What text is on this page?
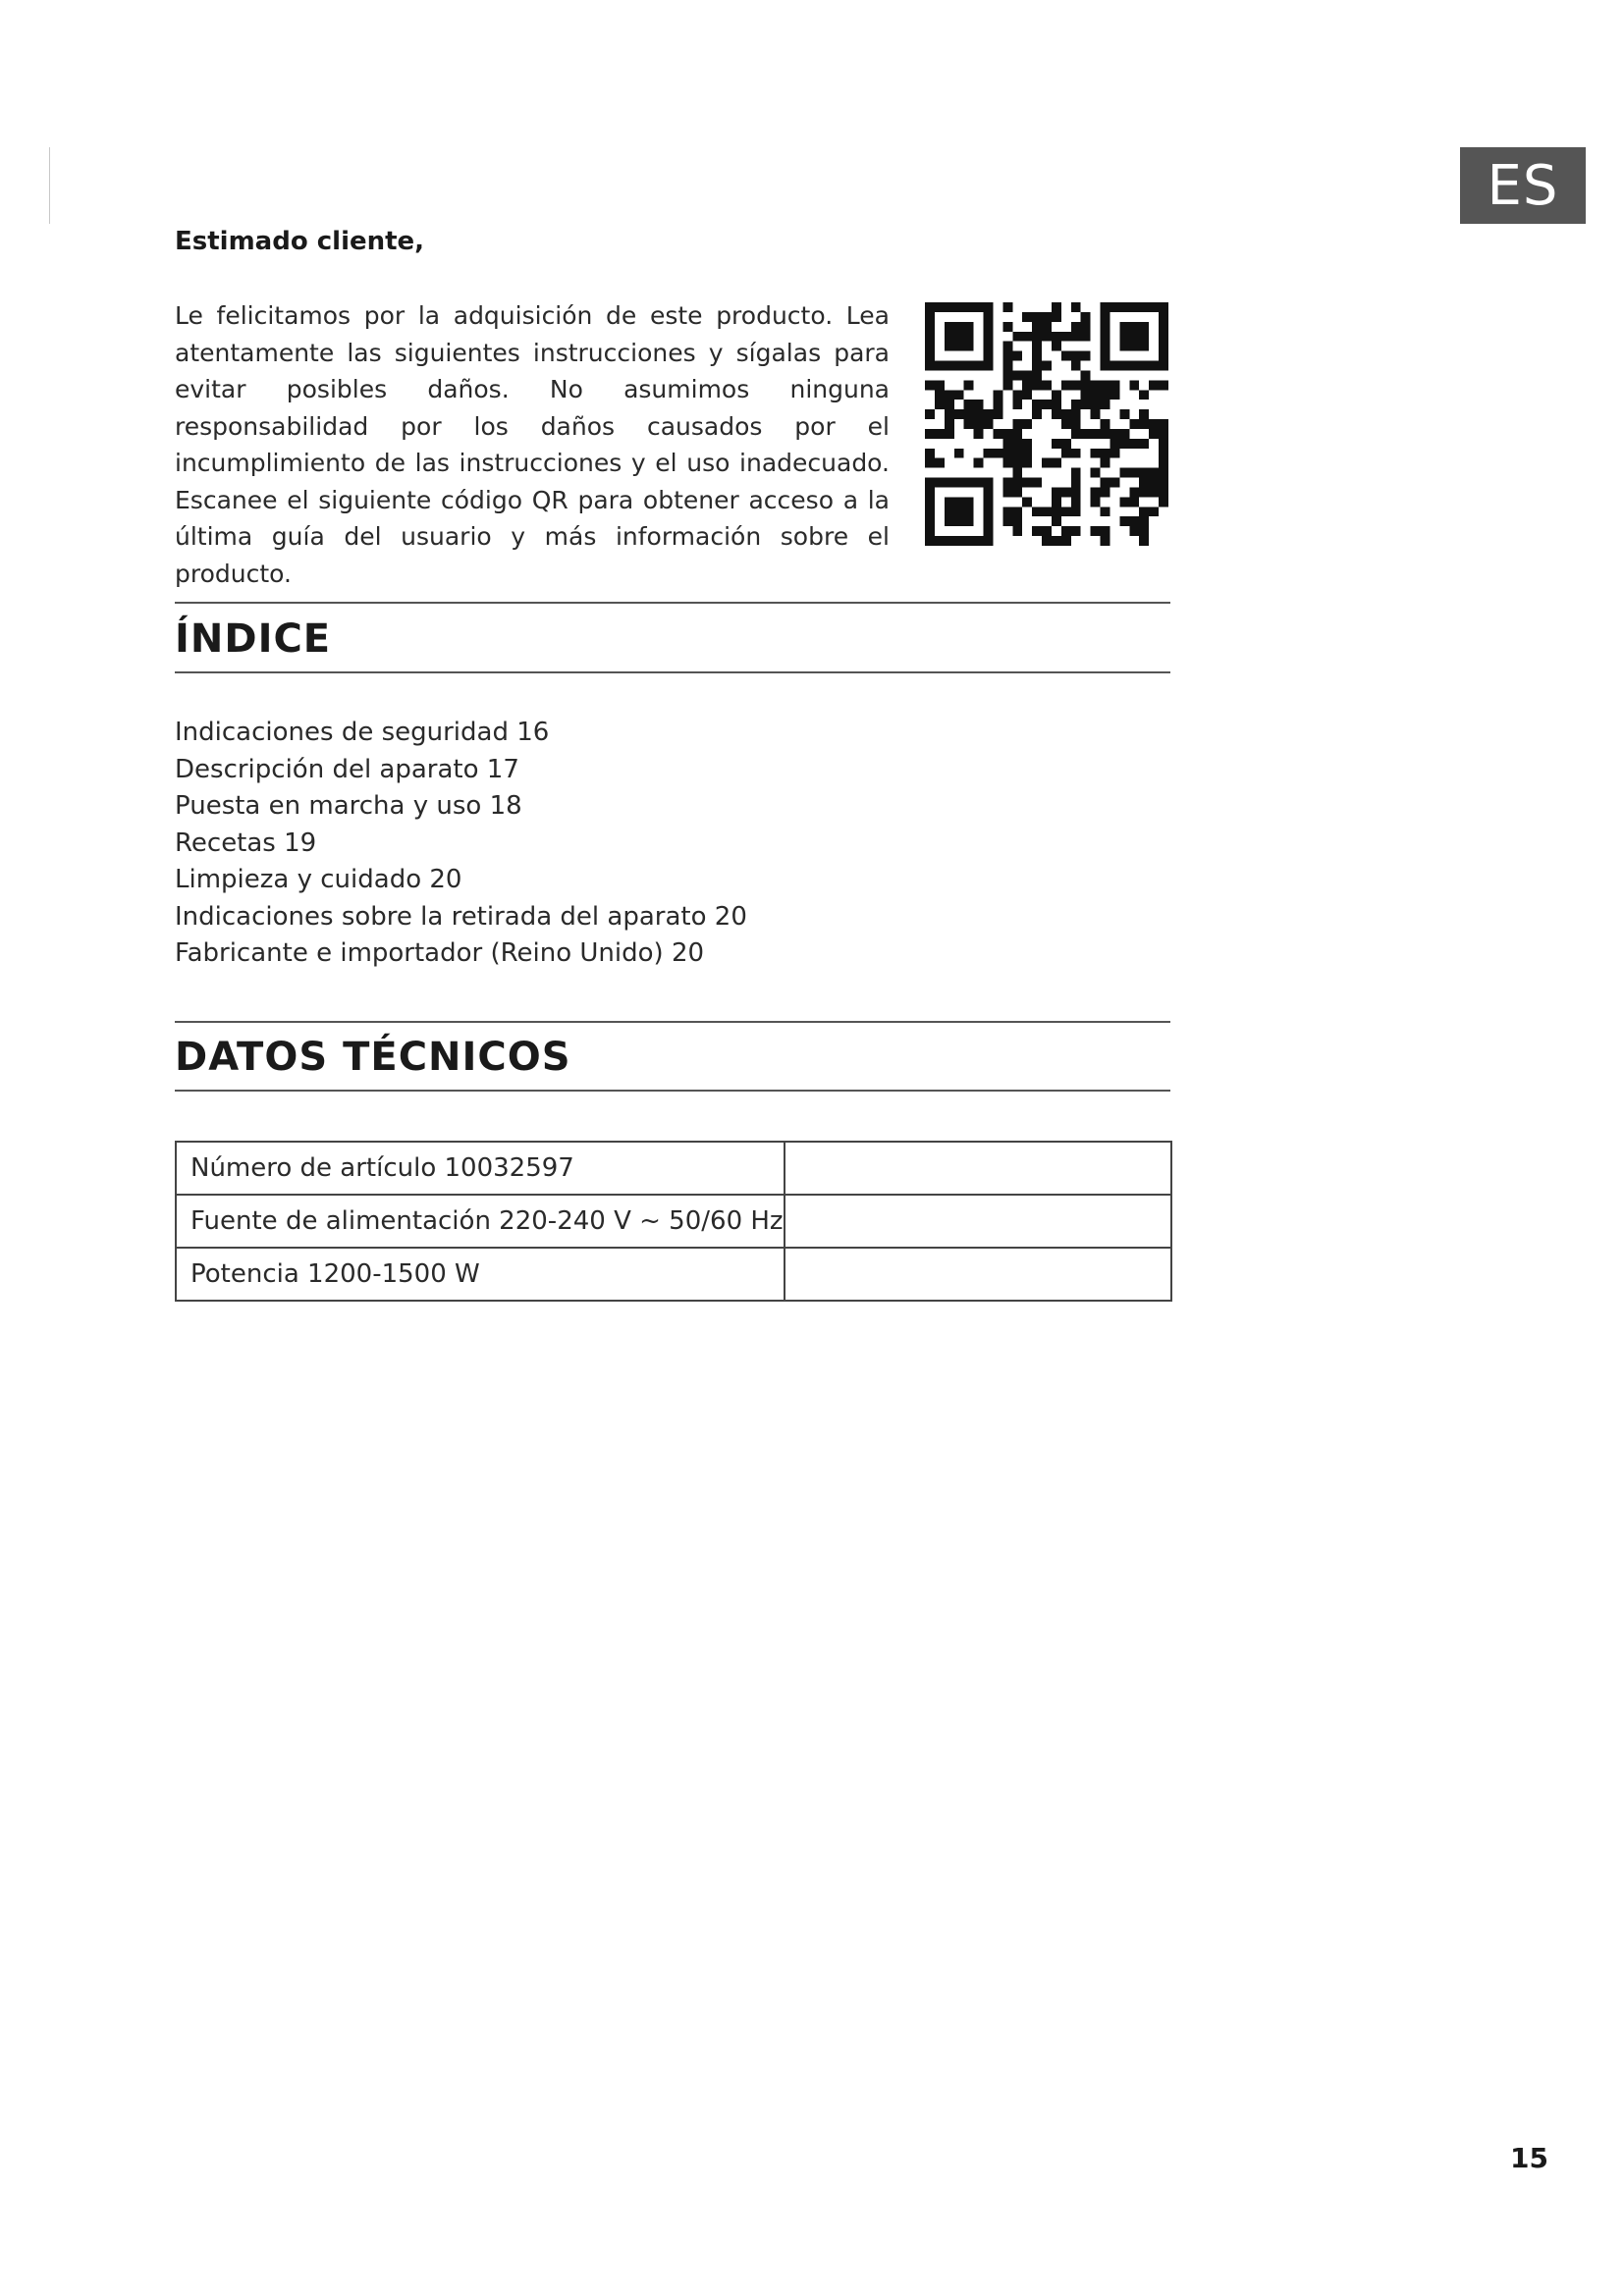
ES

Estimado cliente,

Le felicitamos por la adquisición de este producto. Lea atentamente las siguientes instrucciones y sígalas para evitar posibles daños. No asumimos ninguna responsabilidad por los daños causados por el incumplimiento de las instrucciones y el uso inadecuado. Escanee el siguiente código QR para obtener acceso a la última guía del usuario y más información sobre el producto.

ÍNDICE
Indicaciones de seguridad 16
Descripción del aparato 17
Puesta en marcha y uso 18
Recetas 19
Limpieza y cuidado 20
Indicaciones sobre la retirada del aparato 20
Fabricante e importador (Reino Unido) 20
DATOS TÉCNICOS
Número de artículo 10032597	
Fuente de alimentación 220-240 V ~ 50/60 Hz	
Potencia 1200-1500 W	

15
